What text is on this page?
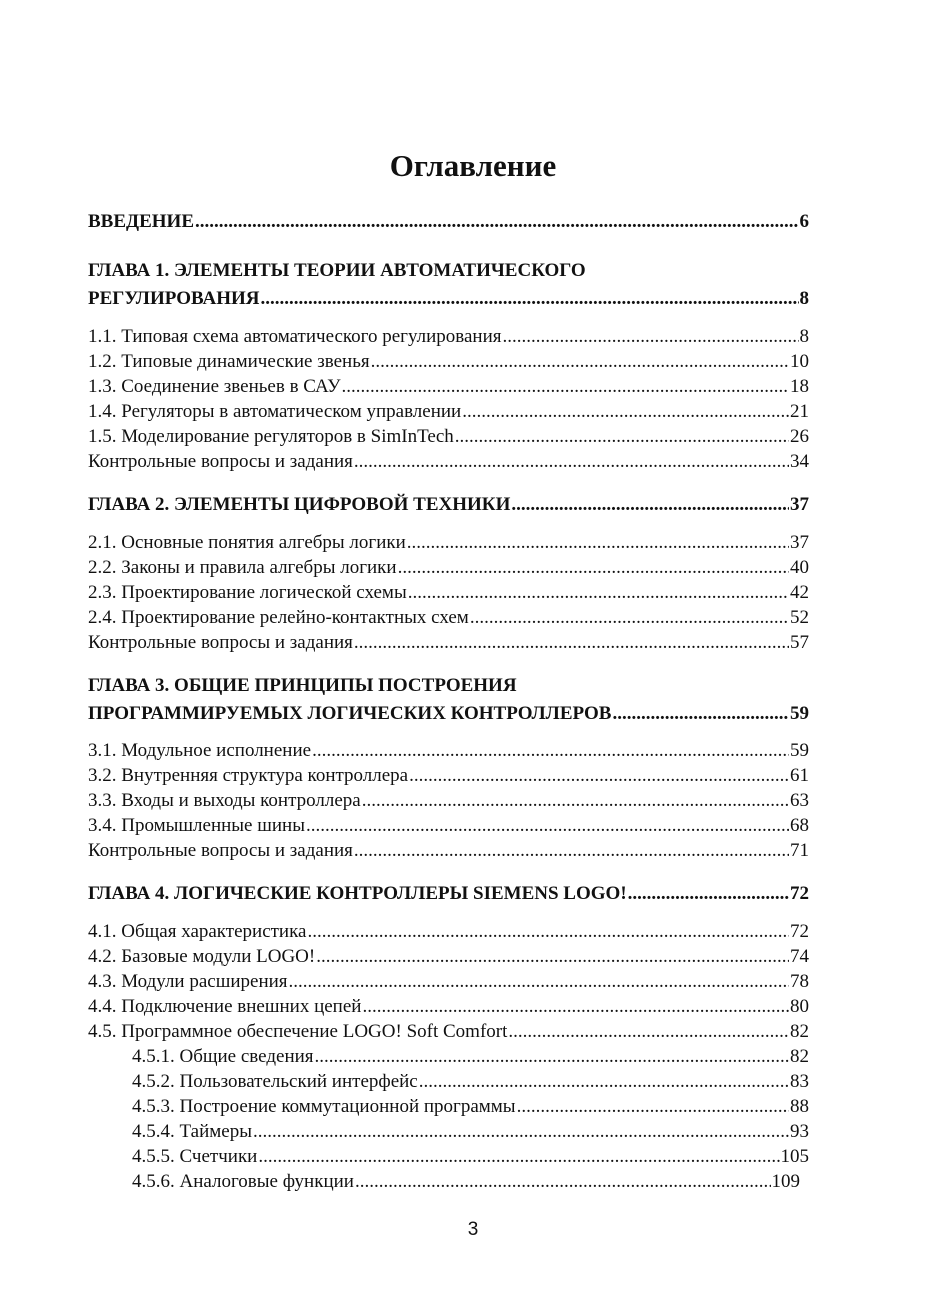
Оглавление
ВВЕДЕНИЕ .....	6
ГЛАВА 1. ЭЛЕМЕНТЫ ТЕОРИИ АВТОМАТИЧЕСКОГО
РЕГУЛИРОВАНИЯ .....	8
1.1. Типовая схема автоматического регулирования .....	8
1.2. Типовые динамические звенья .....	10
1.3. Соединение звеньев в САУ .....	18
1.4. Регуляторы в автоматическом управлении .....	21
1.5. Моделирование регуляторов в SimInTech .....	26
Контрольные вопросы и задания .....	34
ГЛАВА 2. ЭЛЕМЕНТЫ ЦИФРОВОЙ ТЕХНИКИ .....	37
2.1. Основные понятия алгебры логики .....	37
2.2. Законы и правила алгебры логики .....	40
2.3. Проектирование логической схемы .....	42
2.4. Проектирование релейно-контактных схем .....	52
Контрольные вопросы и задания .....	57
ГЛАВА 3. ОБЩИЕ ПРИНЦИПЫ ПОСТРОЕНИЯ
ПРОГРАММИРУЕМЫХ ЛОГИЧЕСКИХ КОНТРОЛЛЕРОВ .....	59
3.1. Модульное исполнение .....	59
3.2. Внутренняя структура контроллера .....	61
3.3. Входы и выходы контроллера .....	63
3.4. Промышленные шины .....	68
Контрольные вопросы и задания .....	71
ГЛАВА 4. ЛОГИЧЕСКИЕ КОНТРОЛЛЕРЫ SIEMENS LOGO! .....	72
4.1. Общая характеристика .....	72
4.2. Базовые модули LOGO! .....	74
4.3. Модули расширения .....	78
4.4. Подключение внешних цепей .....	80
4.5. Программное обеспечение LOGO! Soft Comfort .....	82
4.5.1. Общие сведения .....	82
4.5.2. Пользовательский интерфейс .....	83
4.5.3. Построение коммутационной программы .....	88
4.5.4. Таймеры .....	93
4.5.5. Счетчики .....	105
4.5.6. Аналоговые функции .....	109
3
